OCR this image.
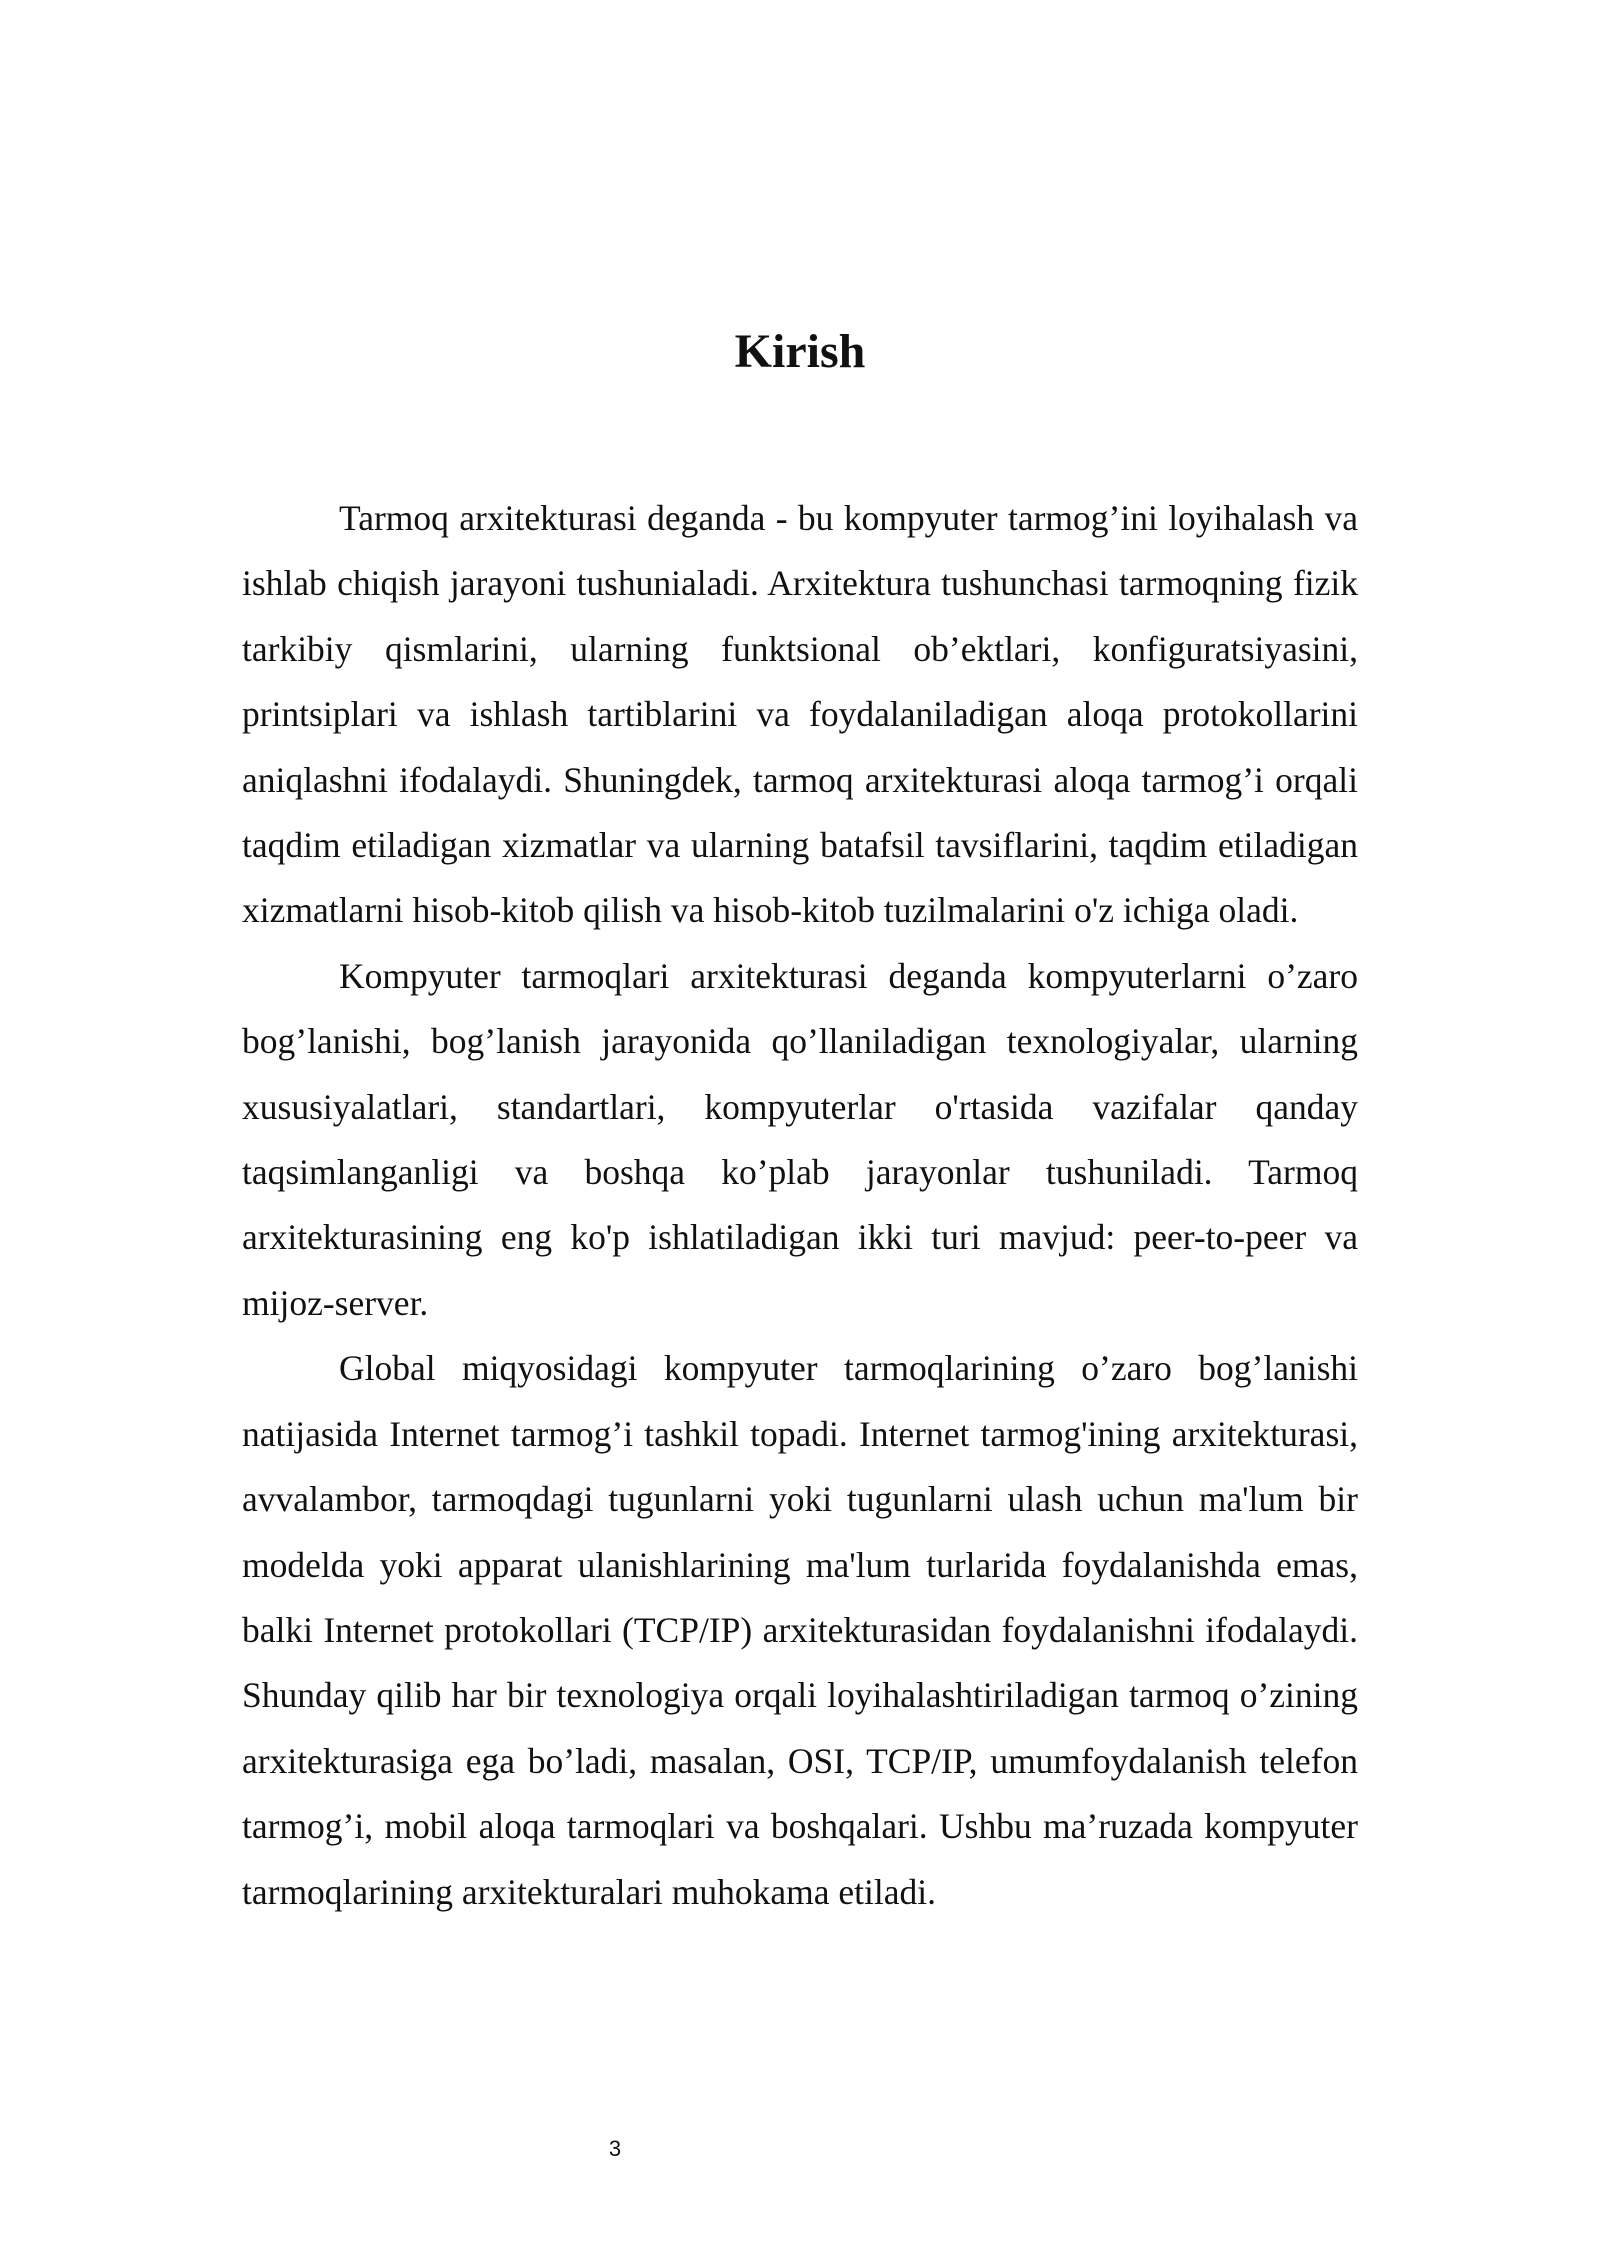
Kirish

Tarmoq arxitekturasi deganda - bu kompyuter tarmog’ini loyihalash va ishlab chiqish jarayoni tushunialadi. Arxitektura tushunchasi tarmoqning fizik tarkibiy qismlarini, ularning funktsional ob’ektlari, konfiguratsiyasini, printsiplari va ishlash tartiblarini va foydalaniladigan aloqa protokollarini aniqlashni ifodalaydi. Shuningdek, tarmoq arxitekturasi aloqa tarmog’i orqali taqdim etiladigan xizmatlar va ularning batafsil tavsiflarini, taqdim etiladigan xizmatlarni hisob-kitob qilish va hisob-kitob tuzilmalarini o'z ichiga oladi.

Kompyuter tarmoqlari arxitekturasi deganda kompyuterlarni o’zaro bog’lanishi, bog’lanish jarayonida qo’llaniladigan texnologiyalar, ularning xususiyalatlari, standartlari, kompyuterlar o'rtasida vazifalar qanday taqsimlanganligi va boshqa ko’plab jarayonlar tushuniladi. Tarmoq arxitekturasining eng ko'p ishlatiladigan ikki turi mavjud: peer-to-peer va mijoz-server.

Global miqyosidagi kompyuter tarmoqlarining o’zaro bog’lanishi natijasida Internet tarmog’i tashkil topadi. Internet tarmog'ining arxitekturasi, avvalambor, tarmoqdagi tugunlarni yoki tugunlarni ulash uchun ma'lum bir modelda yoki apparat ulanishlarining ma'lum turlarida foydalanishda emas, balki Internet protokollari (TCP/IP) arxitekturasidan foydalanishni ifodalaydi. Shunday qilib har bir texnologiya orqali loyihalashtiriladigan tarmoq o’zining arxitekturasiga ega bo’ladi, masalan, OSI, TCP/IP, umumfoydalanish telefon tarmog’i, mobil aloqa tarmoqlari va boshqalari. Ushbu ma’ruzada kompyuter tarmoqlarining arxitekturalari muhokama etiladi.

3
